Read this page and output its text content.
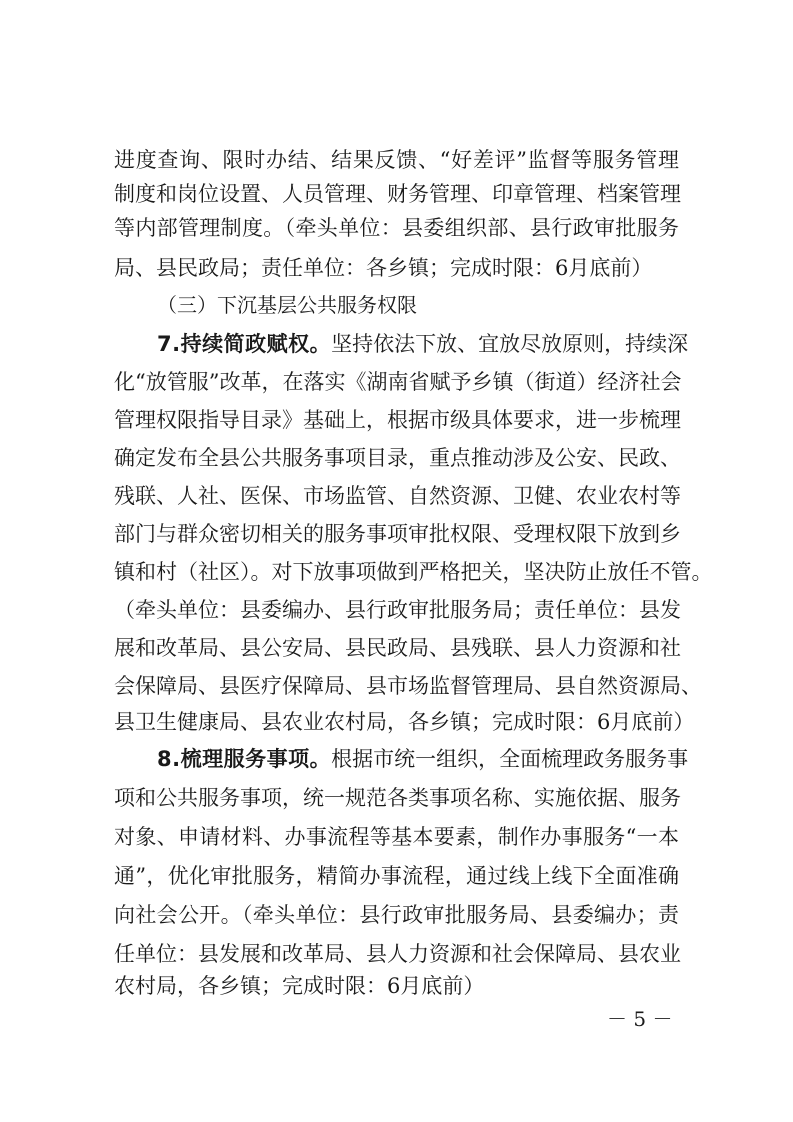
进度查询、限时办结、结果反馈、“好差评”监督等服务管理
制度和岗位设置、人员管理、财务管理、印章管理、档案管理
等内部管理制度。（牵头单位：县委组织部、县行政审批服务
局、县民政局；责任单位：各乡镇；完成时限：6月底前）
（三）下沉基层公共服务权限
7.持续简政赋权。坚持依法下放、宜放尽放原则，持续深
化“放管服”改革，在落实《湖南省赋予乡镇（街道）经济社会
管理权限指导目录》基础上，根据市级具体要求，进一步梳理
确定发布全县公共服务事项目录，重点推动涉及公安、民政、
残联、人社、医保、市场监管、自然资源、卫健、农业农村等
部门与群众密切相关的服务事项审批权限、受理权限下放到乡
镇和村（社区）。对下放事项做到严格把关，坚决防止放任不管。
（牵头单位：县委编办、县行政审批服务局；责任单位：县发
展和改革局、县公安局、县民政局、县残联、县人力资源和社
会保障局、县医疗保障局、县市场监督管理局、县自然资源局、
县卫生健康局、县农业农村局，各乡镇；完成时限：6月底前）
8.梳理服务事项。根据市统一组织，全面梳理政务服务事
项和公共服务事项，统一规范各类事项名称、实施依据、服务
对象、申请材料、办事流程等基本要素，制作办事服务“一本
通”，优化审批服务，精简办事流程，通过线上线下全面准确
向社会公开。（牵头单位：县行政审批服务局、县委编办；责
任单位：县发展和改革局、县人力资源和社会保障局、县农业
农村局，各乡镇；完成时限：6月底前）
－ 5 －
